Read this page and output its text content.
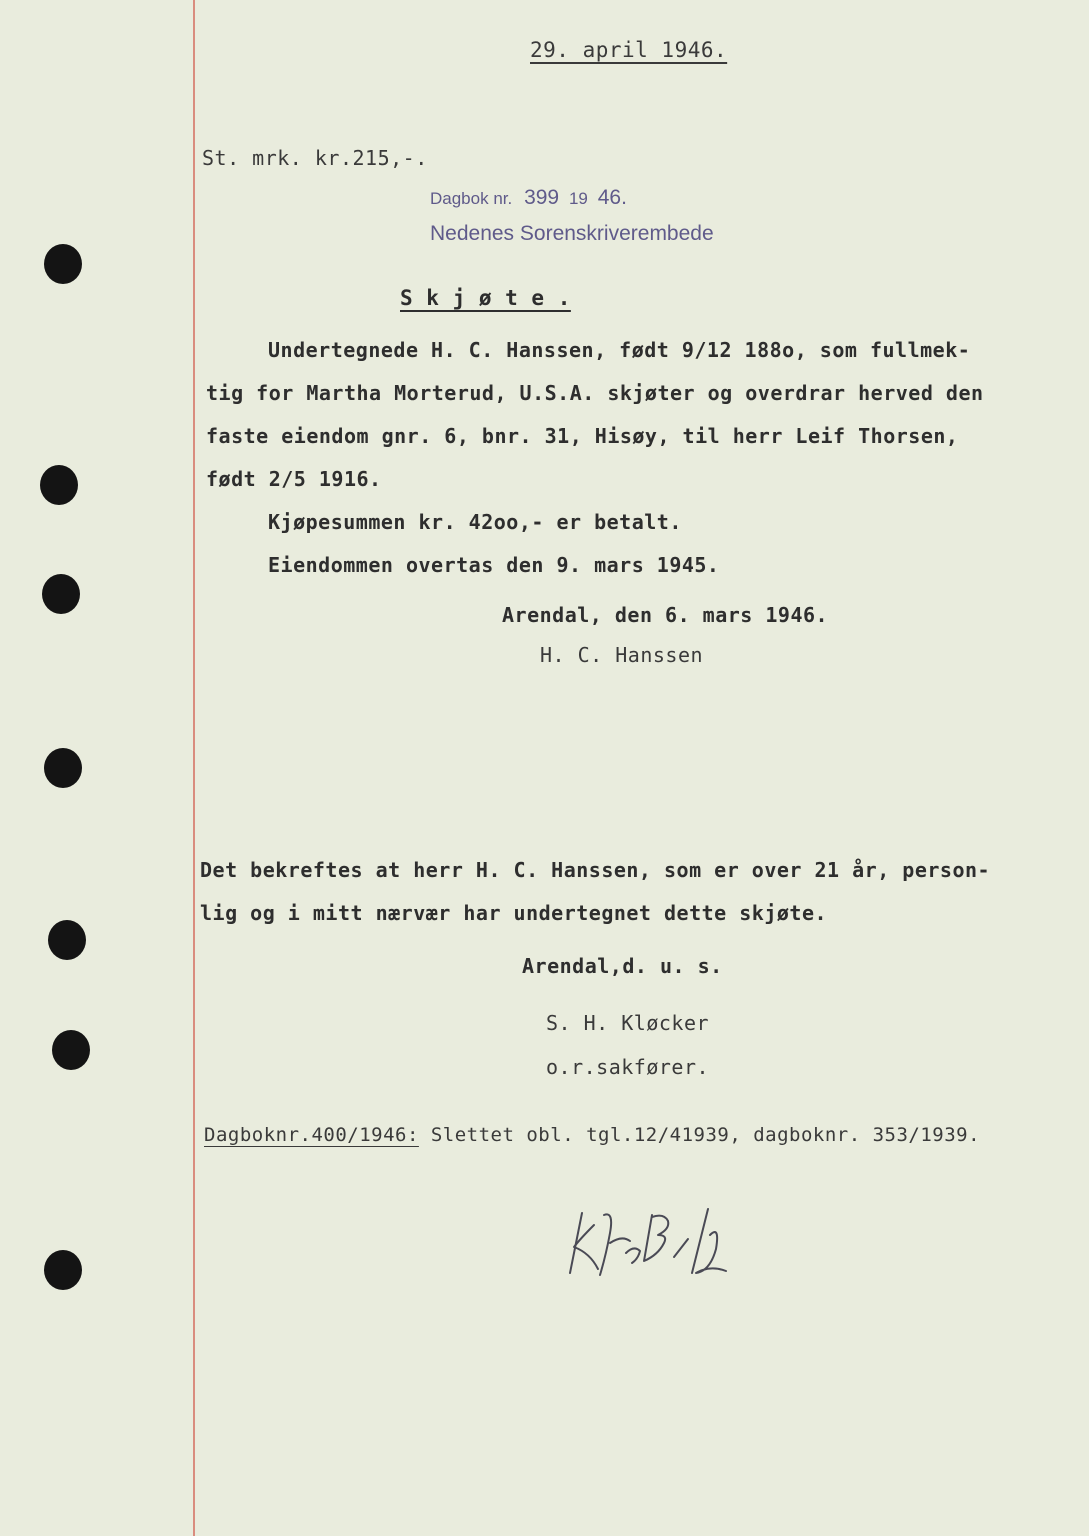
29. april 1946.
St. mrk. kr.215,-.
Dagbok nr. 399 19 46.
Nedenes Sorenskriverembede
S k j ø t e .
Undertegnede H. C. Hanssen, født 9/12 188o, som fullmek-
tig for Martha Morterud, U.S.A. skjøter og overdrar herved den
faste eiendom gnr. 6, bnr. 31, Hisøy, til herr Leif Thorsen,
født 2/5 1916.
Kjøpesummen kr. 42oo,- er betalt.
Eiendommen overtas den 9. mars 1945.
Arendal, den 6. mars 1946.
H. C. Hanssen
Det bekreftes at herr H. C. Hanssen, som er over 21 år, person-
lig og i mitt nærvær har undertegnet dette skjøte.
Arendal,d. u. s.
S. H. Kløcker
o.r.sakfører.
Dagboknr.400/1946: Slettet obl. tgl.12/41939, dagboknr. 353/1939.
